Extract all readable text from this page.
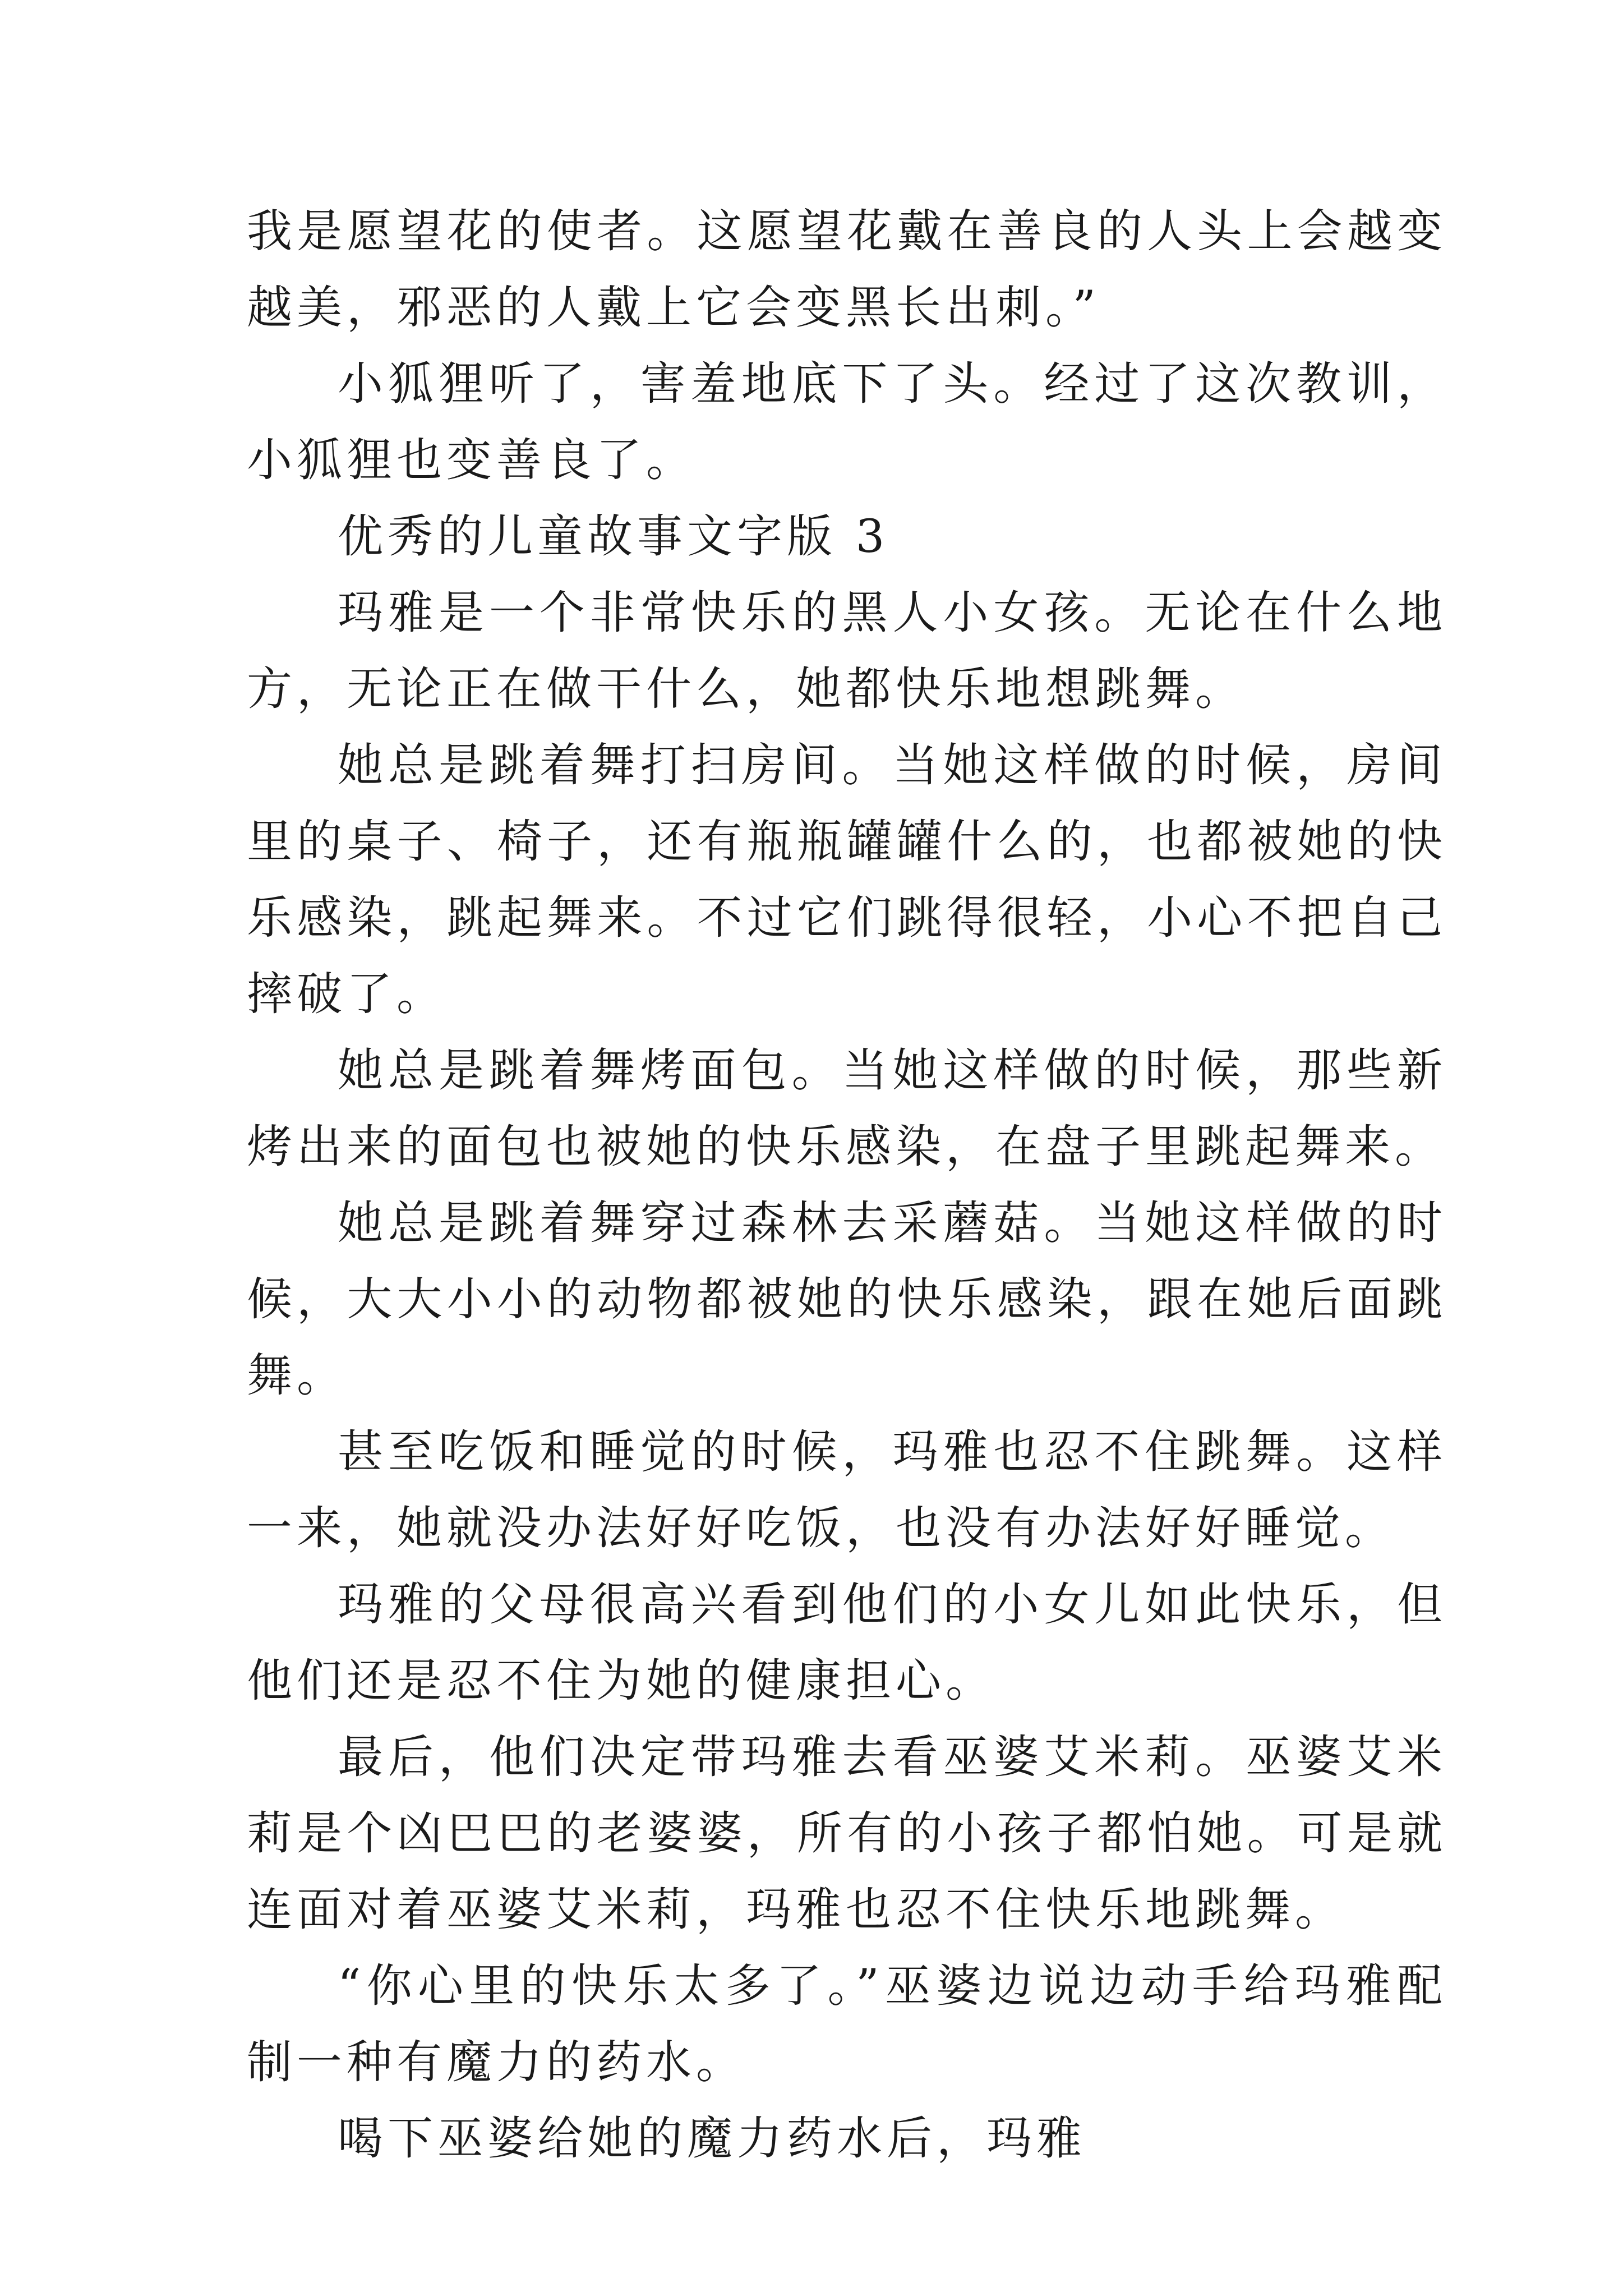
我是愿望花的使者。这愿望花戴在善良的人头上会越变越美，邪恶的人戴上它会变黑长出刺。”

小狐狸听了，害羞地底下了头。经过了这次教训，小狐狸也变善良了。

优秀的儿童故事文字版 3

玛雅是一个非常快乐的黑人小女孩。无论在什么地方，无论正在做干什么，她都快乐地想跳舞。

她总是跳着舞打扫房间。当她这样做的时候，房间里的桌子、椅子，还有瓶瓶罐罐什么的，也都被她的快乐感染，跳起舞来。不过它们跳得很轻，小心不把自己摔破了。

她总是跳着舞烤面包。当她这样做的时候，那些新烤出来的面包也被她的快乐感染，在盘子里跳起舞来。

她总是跳着舞穿过森林去采蘑菇。当她这样做的时候，大大小小的动物都被她的快乐感染，跟在她后面跳舞。

甚至吃饭和睡觉的时候，玛雅也忍不住跳舞。这样一来，她就没办法好好吃饭，也没有办法好好睡觉。

玛雅的父母很高兴看到他们的小女儿如此快乐，但他们还是忍不住为她的健康担心。

最后，他们决定带玛雅去看巫婆艾米莉。巫婆艾米莉是个凶巴巴的老婆婆，所有的小孩子都怕她。可是就连面对着巫婆艾米莉，玛雅也忍不住快乐地跳舞。

“你心里的快乐太多了。”巫婆边说边动手给玛雅配制一种有魔力的药水。

喝下巫婆给她的魔力药水后，玛雅
